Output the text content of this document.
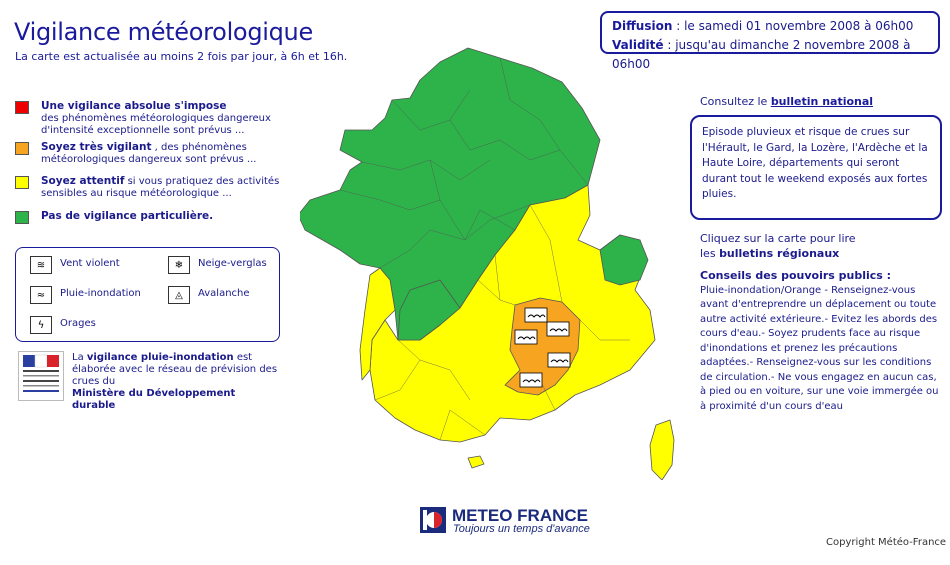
Vigilance météorologique
La carte est actualisée au moins 2 fois par jour, à 6h et 16h.
Diffusion : le samedi 01 novembre 2008 à 06h00
Validité : jusqu'au dimanche 2 novembre 2008 à 06h00
Une vigilance absolue s'impose
des phénomènes météorologiques dangereux d'intensité exceptionnelle sont prévus ...
Soyez très vigilant , des phénomènes météorologiques dangereux sont prévus ...
Soyez attentif si vous pratiquez des activités sensibles au risque météorologique ...
Pas de vigilance particulière.
≋	Vent violent	❄	Neige-verglas
≈	Pluie-inondation	◬	Avalanche
ϟ	Orages
La vigilance pluie-inondation est élaborée avec le réseau de prévision des crues du
Ministère du Développement durable
Consultez le bulletin national
Episode pluvieux et risque de crues sur l'Hérault, le Gard, la Lozère, l'Ardèche et la Haute Loire, départements qui seront durant tout le weekend exposés aux fortes pluies.
Cliquez sur la carte pour lire
les bulletins régionaux
Conseils des pouvoirs publics :
Pluie-inondation/Orange - Renseignez-vous avant d'entreprendre un déplacement ou toute autre activité extérieure.- Evitez les abords des cours d'eau.- Soyez prudents face au risque d'inondations et prenez les précautions adaptées.- Renseignez-vous sur les conditions de circulation.- Ne vous engagez en aucun cas, à pied ou en voiture, sur une voie immergée ou à proximité d'un cours d'eau
METEO FRANCE
Toujours un temps d'avance
Copyright Météo-France
